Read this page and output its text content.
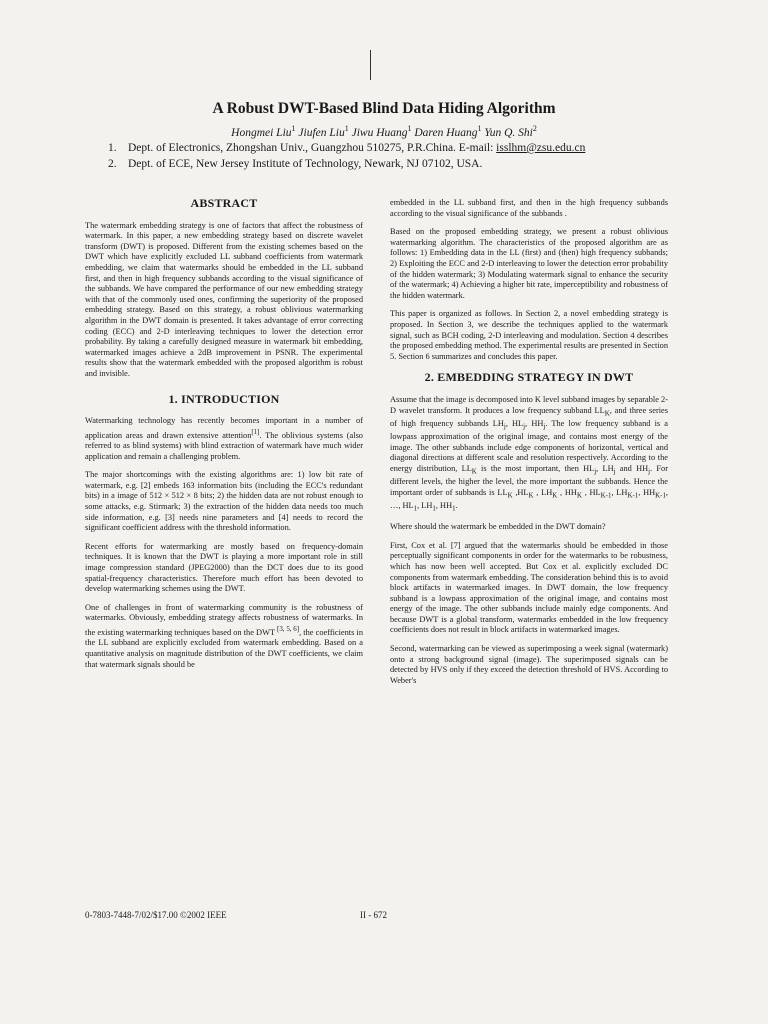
A Robust DWT-Based Blind Data Hiding Algorithm
Hongmei Liu$^1$ Jiufen Liu$^1$ Jiwu Huang$^1$ Daren Huang$^1$ Yun Q. Shi$^2$
1. Dept. of Electronics, Zhongshan Univ., Guangzhou 510275, P.R.China. E-mail: isslhm@zsu.edu.cn
2. Dept. of ECE, New Jersey Institute of Technology, Newark, NJ 07102, USA.
ABSTRACT

The watermark embedding strategy is one of factors that affect the robustness of watermark. In this paper, a new embedding strategy based on discrete wavelet transform (DWT) is proposed. Different from the existing schemes based on the DWT which have explicitly excluded LL subband coefficients from watermark embedding, we claim that watermarks should be embedded in the LL subband first, and then in high frequency subbands according to the visual significance of the subbands. We have compared the performance of our new embedding strategy with that of the commonly used ones, confirming the superiority of the proposed embedding strategy. Based on this strategy, a robust oblivious watermarking algorithm in the DWT domain is presented. It takes advantage of error correcting coding (ECC) and 2-D interleaving techniques to lower the detection error probability. By taking a carefully designed measure in watermark bit embedding, watermarked images achieve a 2dB improvement in PSNR. The experimental results show that the watermark embedded with the proposed algorithm is robust and invisible.

1. INTRODUCTION

Watermarking technology has recently becomes important in a number of application areas and drawn extensive attention[1]. The oblivious systems (also referred to as blind systems) with blind extraction of watermark have much wider application and remain a challenging problem.

The major shortcomings with the existing algorithms are: 1) low bit rate of watermark, e.g. [2] embeds 163 information bits (including the ECC's redundant bits) in a image of 512 × 512 × 8 bits; 2) the hidden data are not robust enough to some attacks, e.g. Stirmark; 3) the extraction of the hidden data needs too much side information, e.g. [3] needs nine parameters and [4] needs to record the significant coefficient address with the threshold information.

Recent efforts for watermarking are mostly based on frequency-domain techniques. It is known that the DWT is playing a more important role in still image compression standard (JPEG2000) than the DCT does due to its good spatial-frequency characteristics. Therefore much effort has been devoted to develop watermarking schemes using the DWT.

One of challenges in front of watermarking community is the robustness of watermarks. Obviously, embedding strategy affects robustness of watermarks. In the existing watermarking techniques based on the DWT [3, 5, 6], the coefficients in the LL subband are explicitly excluded from watermark embedding. Based on a quantitative analysis on magnitude distribution of the DWT coefficients, we claim that watermark signals should be

embedded in the LL subband first, and then in the high frequency subbands according to the visual significance of the subbands .

Based on the proposed embedding strategy, we present a robust oblivious watermarking algorithm. The characteristics of the proposed algorithm are as follows: 1) Embedding data in the LL (first) and (then) high frequency subbands; 2) Exploiting the ECC and 2-D interleaving to lower the detection error probability of the hidden watermark; 3) Modulating watermark signal to enhance the security of the watermark; 4) Achieving a higher bit rate, imperceptibility and robustness of the hidden watermark.

This paper is organized as follows. In Section 2, a novel embedding strategy is proposed. In Section 3, we describe the techniques applied to the watermark signal, such as BCH coding, 2-D interleaving and modulation. Section 4 describes the proposed embedding method. The experimental results are presented in Section 5. Section 6 summarizes and concludes this paper.

2. EMBEDDING STRATEGY IN DWT

Assume that the image is decomposed into K level subband images by separable 2-D wavelet transform. It produces a low frequency subband $LL_K$, and three series of high frequency subbands $LH_j$, $HL_j$, $HH_j$. The low frequency subband is a lowpass approximation of the original image, and contains most energy of the image. The other subbands include edge components of horizontal, vertical and diagonal directions at different scale and resolution respectively. According to the energy distribution, $LL_K$ is the most important, then $HL_j$, $LH_j$ and $HH_j$. For different levels, the higher the level, the more important the subbands. Hence the important order of subbands is $LL_K$ $,HL_K$ , $LH_K$ , $HH_K$ , $HL_{K-1}$, $LH_{K-1}$, $HH_{K-1}$, …, $HL_1$, $LH_1$, $HH_1$.

Where should the watermark be embedded in the DWT domain?

First, Cox et al. [7] argued that the watermarks should be embedded in those perceptually significant components in order for the watermarks to be robustness, which has now been well accepted. But Cox et al. explicitly excluded DC components from watermark embedding. The consideration behind this is to avoid block artifacts in watermarked images. In DWT domain, the low frequency subband is a lowpass approximation of the original image, and contains most energy of the image. The other subbands include mainly edge components. And because DWT is a global transform, watermarks embedded in the low frequency coefficients does not result in block artifacts in watermarked images.

Second, watermarking can be viewed as superimposing a week signal (watermark) onto a strong background signal (image). The superimposed signals can be detected by HVS only if they exceed the detection threshold of HVS. According to Weber's

0-7803-7448-7/02/$17.00 ©2002 IEEE	II - 672
